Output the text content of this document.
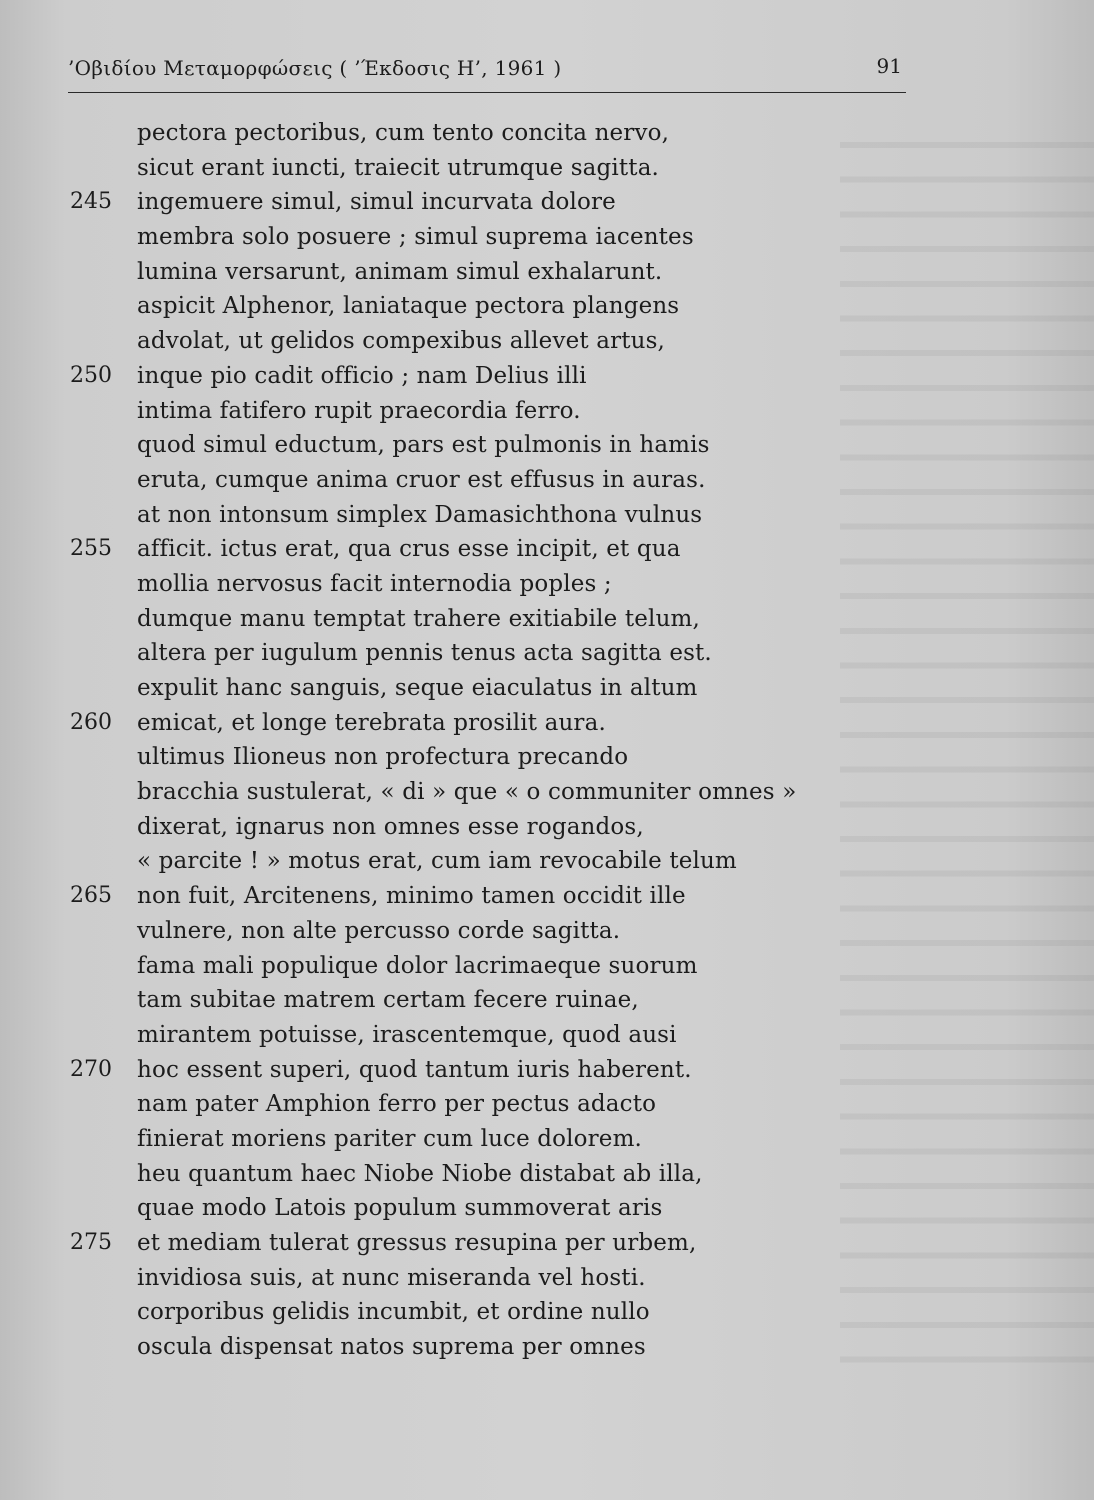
’Οβιδίου Μεταμορφώσεις ( ’Έκδοσις Η’, 1961 )	91
pectora pectoribus, cum tento concita nervo,
sicut erant iuncti, traiecit utrumque sagitta.
245	ingemuere simul, simul incurvata dolore
membra solo posuere ; simul suprema iacentes
lumina versarunt, animam simul exhalarunt.
aspicit Alphenor, laniataque pectora plangens
advolat, ut gelidos compexibus allevet artus,
250	inque pio cadit officio ; nam Delius illi
intima fatifero rupit praecordia ferro.
quod simul eductum, pars est pulmonis in hamis
eruta, cumque anima cruor est effusus in auras.
at non intonsum simplex Damasichthona vulnus
255	afficit. ictus erat, qua crus esse incipit, et qua
mollia nervosus facit internodia poples ;
dumque manu temptat trahere exitiabile telum,
altera per iugulum pennis tenus acta sagitta est.
expulit hanc sanguis, seque eiaculatus in altum
260	emicat, et longe terebrata prosilit aura.
ultimus Ilioneus non profectura precando
bracchia sustulerat, « di » que « o communiter omnes »
dixerat, ignarus non omnes esse rogandos,
« parcite ! » motus erat, cum iam revocabile telum
265	non fuit, Arcitenens, minimo tamen occidit ille
vulnere, non alte percusso corde sagitta.
fama mali populique dolor lacrimaeque suorum
tam subitae matrem certam fecere ruinae,
mirantem potuisse, irascentemque, quod ausi
270	hoc essent superi, quod tantum iuris haberent.
nam pater Amphion ferro per pectus adacto
finierat moriens pariter cum luce dolorem.
heu quantum haec Niobe Niobe distabat ab illa,
quae modo Latois populum summoverat aris
275	et mediam tulerat gressus resupina per urbem,
invidiosa suis, at nunc miseranda vel hosti.
corporibus gelidis incumbit, et ordine nullo
oscula dispensat natos suprema per omnes
